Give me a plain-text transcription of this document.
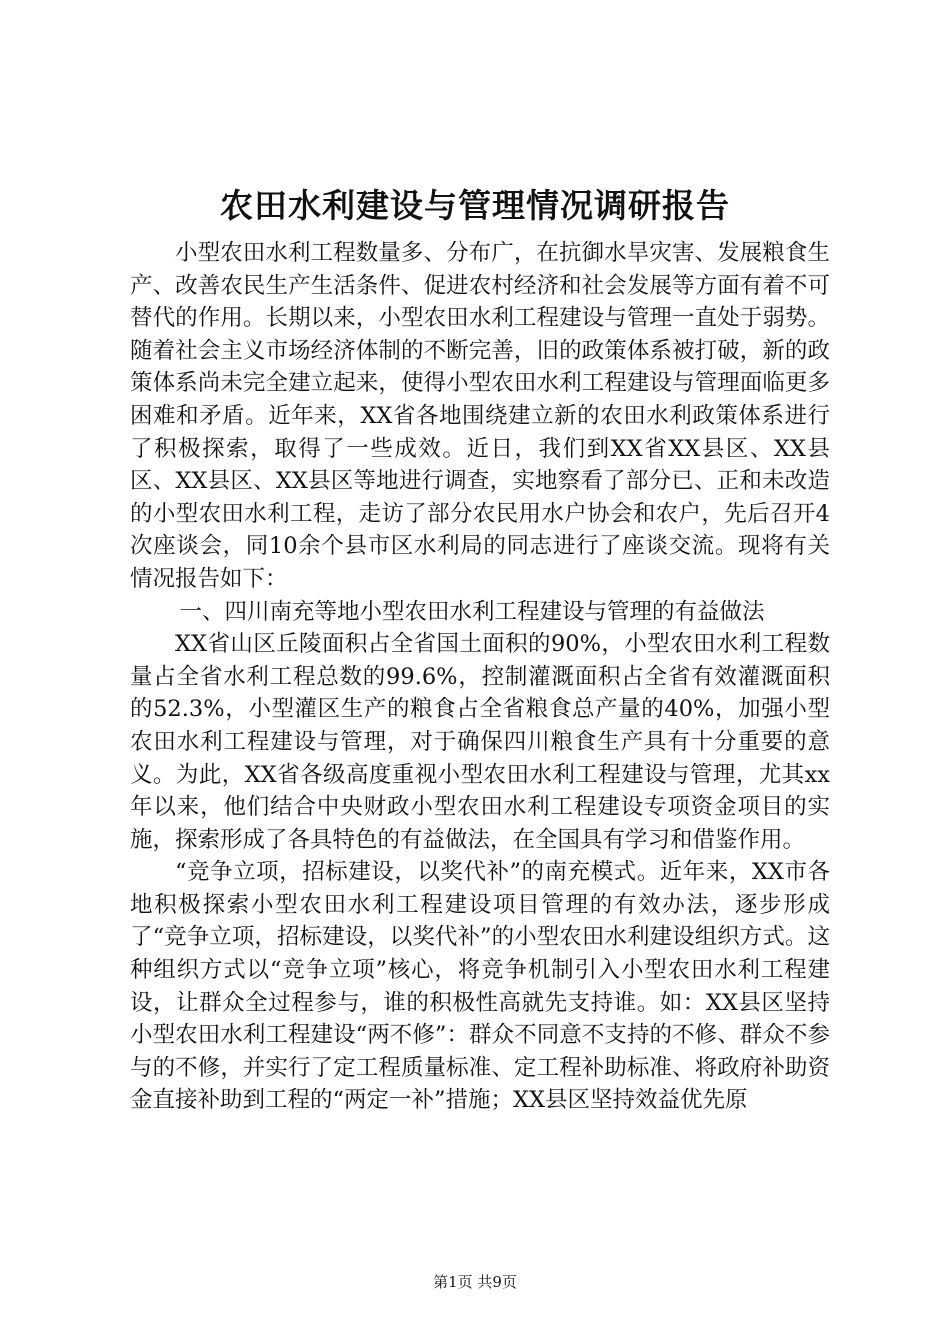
农田水利建设与管理情况调研报告

小型农田水利工程数量多、分布广，在抗御水旱灾害、发展粮食生产、改善农民生产生活条件、促进农村经济和社会发展等方面有着不可替代的作用。长期以来，小型农田水利工程建设与管理一直处于弱势。随着社会主义市场经济体制的不断完善，旧的政策体系被打破，新的政策体系尚未完全建立起来，使得小型农田水利工程建设与管理面临更多困难和矛盾。近年来，XX省各地围绕建立新的农田水利政策体系进行了积极探索，取得了一些成效。近日，我们到XX省XX县区、XX县区、XX县区、XX县区等地进行调查，实地察看了部分已、正和未改造的小型农田水利工程，走访了部分农民用水户协会和农户，先后召开4次座谈会，同10余个县市区水利局的同志进行了座谈交流。现将有关情况报告如下：

一、四川南充等地小型农田水利工程建设与管理的有益做法

XX省山区丘陵面积占全省国土面积的90%，小型农田水利工程数量占全省水利工程总数的99.6%，控制灌溉面积占全省有效灌溉面积的52.3%，小型灌区生产的粮食占全省粮食总产量的40%，加强小型农田水利工程建设与管理，对于确保四川粮食生产具有十分重要的意义。为此，XX省各级高度重视小型农田水利工程建设与管理，尤其xx年以来，他们结合中央财政小型农田水利工程建设专项资金项目的实施，探索形成了各具特色的有益做法，在全国具有学习和借鉴作用。

“竞争立项，招标建设，以奖代补”的南充模式。近年来，XX市各地积极探索小型农田水利工程建设项目管理的有效办法，逐步形成了“竞争立项，招标建设，以奖代补”的小型农田水利建设组织方式。这种组织方式以“竞争立项”核心，将竞争机制引入小型农田水利工程建设，让群众全过程参与，谁的积极性高就先支持谁。如：XX县区坚持小型农田水利工程建设“两不修”：群众不同意不支持的不修、群众不参与的不修，并实行了定工程质量标准、定工程补助标准、将政府补助资金直接补助到工程的“两定一补”措施；XX县区坚持效益优先原

第1页 共9页
